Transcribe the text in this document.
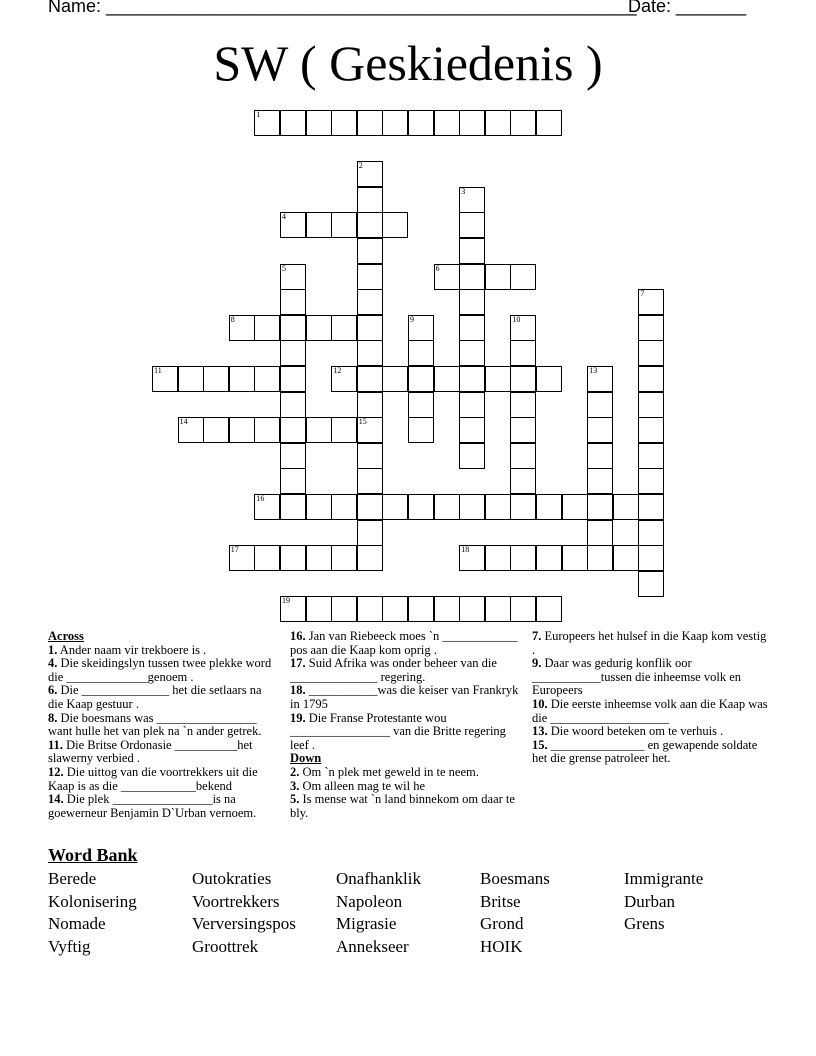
Name: _____________________________________________________
Date: _______
SW ( Geskiedenis )
1
2
15
3
4
5	6
7
8	9	10
11	12	13
14
16
17	18
19
Across

1. Ander naam vir trekboere is .

4. Die skeidingslyn tussen twee plekke word die _____________genoem .

6. Die ______________ het die setlaars na die Kaap gestuur .

8. Die boesmans was ________________ want hulle het van plek na `n ander getrek.

11. Die Britse Ordonasie __________het slawerny verbied .

12. Die uittog van die voortrekkers uit die Kaap is as die ____________bekend

14. Die plek ________________is na goewerneur Benjamin D`Urban vernoem.

16. Jan van Riebeeck moes `n ____________ pos aan die Kaap kom oprig .

17. Suid Afrika was onder beheer van die ______________ regering.

18. ___________was die keiser van Frankryk in 1795

19. Die Franse Protestante wou ________________ van die Britte regering leef .

Down

2. Om `n plek met geweld in te neem.

3. Om alleen mag te wil he

5. Is mense wat `n land binnekom om daar te bly.

7. Europeers het hulsef in die Kaap kom vestig .

9. Daar was gedurig konflik oor ___________tussen die inheemse volk en Europeers

10. Die eerste inheemse volk aan die Kaap was die ___________________

13. Die woord beteken om te verhuis .

15. _______________ en gewapende soldate het die grense patroleer het.

Word Bank
Berede
Kolonisering
Nomade
Vyftig
Outokraties
Voortrekkers
Verversingspos
Groottrek
Onafhanklik
Napoleon
Migrasie
Annekseer
Boesmans
Britse
Grond
HOIK
Immigrante
Durban
Grens
